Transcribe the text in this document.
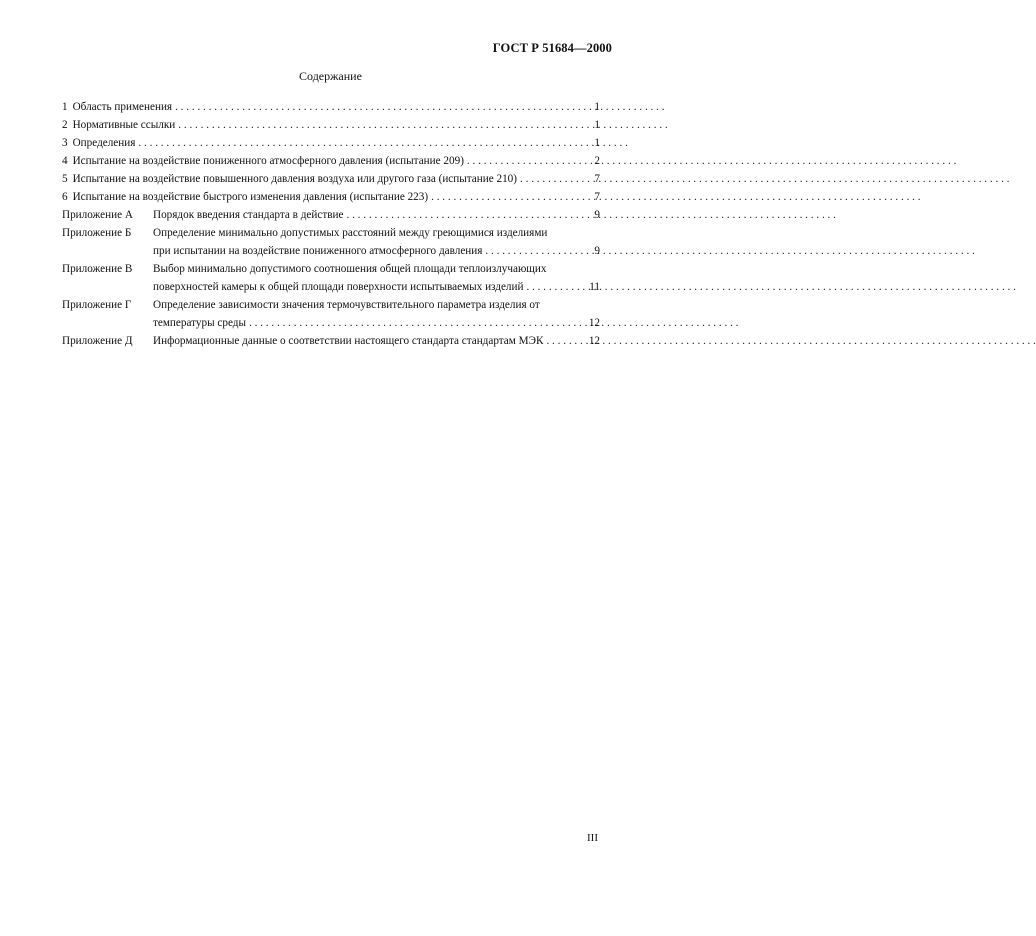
ГОСТ Р 51684—2000
Содержание
1 Область применения . . .	1
2 Нормативные ссылки . . .	1
3 Определения . . .	1
4 Испытание на воздействие пониженного атмосферного давления (испытание 209) . . .	2
5 Испытание на воздействие повышенного давления воздуха или другого газа (испытание 210) . . .	7
6 Испытание на воздействие быстрого изменения давления (испытание 223) . . .	7
Приложение А	Порядок введения стандарта в действие . . .	9
Приложение Б	Определение минимально допустимых расстояний между греющимися изделиями
при испытании на воздействие пониженного атмосферного давления . . .	9
Приложение В	Выбор минимально допустимого соотношения общей площади теплоизлучающих
поверхностей камеры к общей площади поверхности испытываемых изделий . . .	11
Приложение Г	Определение зависимости значения термочувствительного параметра изделия от
температуры среды . . .	12
Приложение Д	Информационные данные о соответствии настоящего стандарта стандартам МЭК . . .	12
III
